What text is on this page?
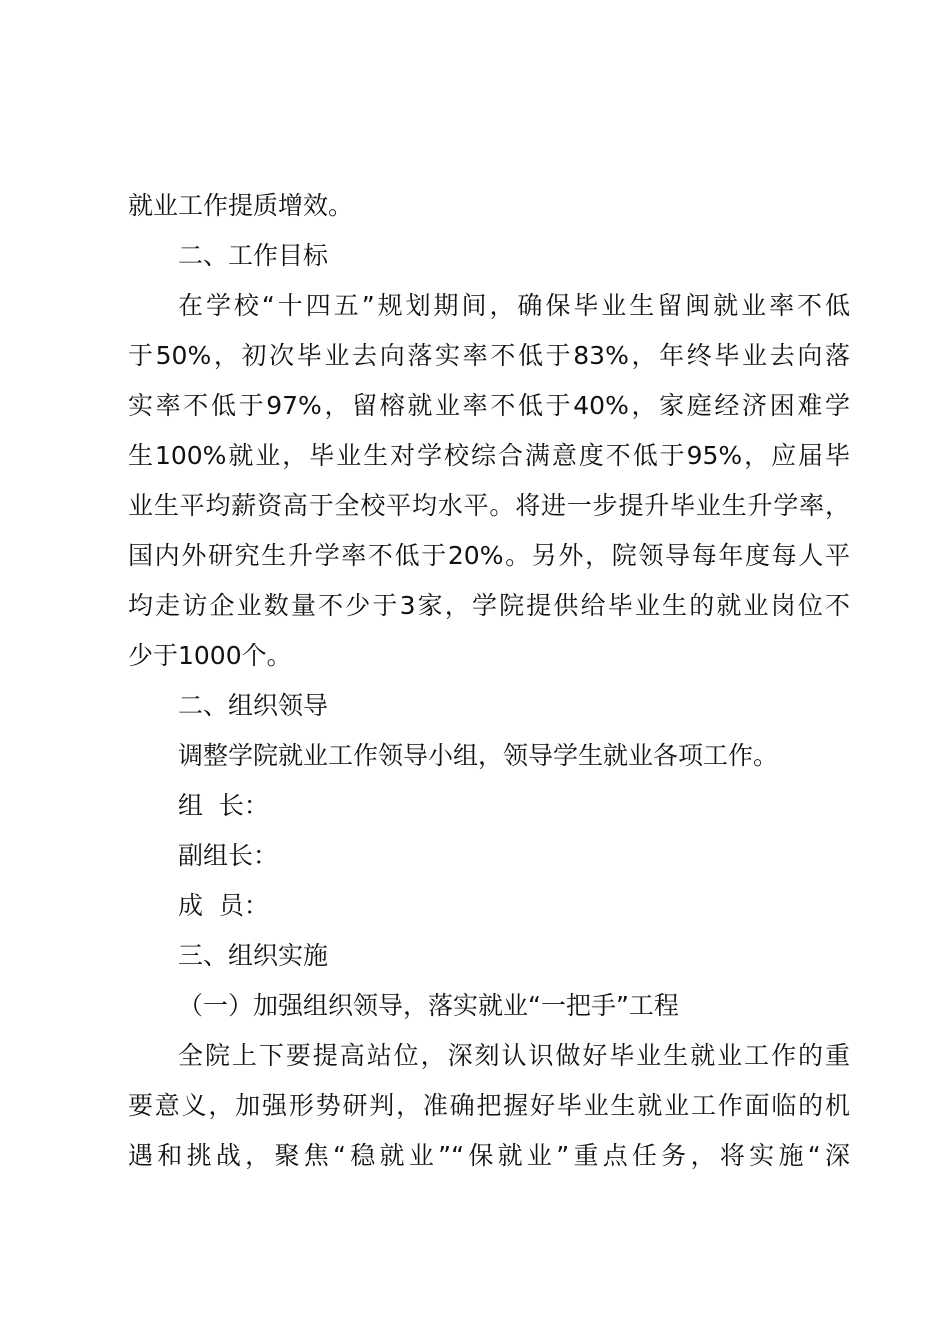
就业工作提质增效。
二、工作目标
在学校“十四五”规划期间，确保毕业生留闽就业率不低
于50%，初次毕业去向落实率不低于83%，年终毕业去向落
实率不低于97%，留榕就业率不低于40%，家庭经济困难学
生100%就业，毕业生对学校综合满意度不低于95%，应届毕
业生平均薪资高于全校平均水平。将进一步提升毕业生升学率，
国内外研究生升学率不低于20%。另外，院领导每年度每人平
均走访企业数量不少于3家，学院提供给毕业生的就业岗位不
少于1000个。
二、组织领导
调整学院就业工作领导小组，领导学生就业各项工作。
组  长：
副组长：
成  员：
三、组织实施
（一）加强组织领导，落实就业“一把手”工程
全院上下要提高站位，深刻认识做好毕业生就业工作的重
要意义，加强形势研判，准确把握好毕业生就业工作面临的机
遇和挑战，聚焦“稳就业”“保就业”重点任务，将实施“深
